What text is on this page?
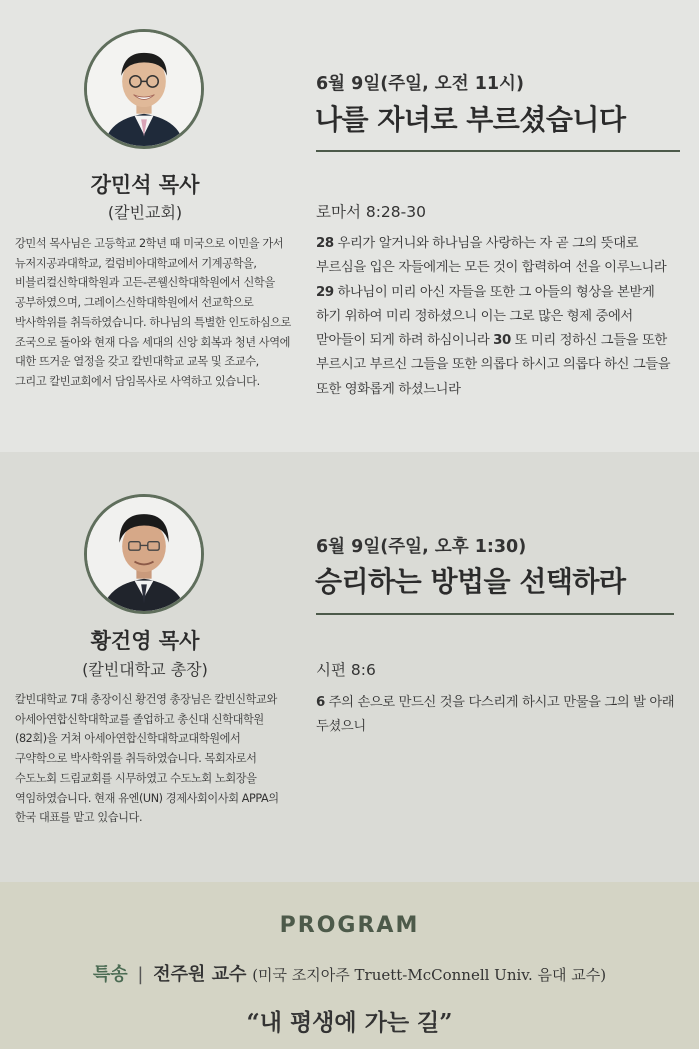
강민석 목사
(칼빈교회)
강민석 목사님은 고등학교 2학년 때 미국으로 이민을 가서 뉴저지공과대학교, 컬럼비아대학교에서 기계공학을, 비블리컬신학대학원과 고든-콘웰신학대학원에서 신학을 공부하였으며, 그레이스신학대학원에서 선교학으로 박사학위를 취득하였습니다. 하나님의 특별한 인도하심으로 조국으로 돌아와 현재 다음 세대의 신앙 회복과 청년 사역에 대한 뜨거운 열정을 갖고 칼빈대학교 교목 및 조교수, 그리고 칼빈교회에서 담임목사로 사역하고 있습니다.
6월 9일(주일, 오전 11시)
나를 자녀로 부르셨습니다
로마서 8:28-30
28 우리가 알거니와 하나님을 사랑하는 자 곧 그의 뜻대로 부르심을 입은 자들에게는 모든 것이 합력하여 선을 이루느니라 29 하나님이 미리 아신 자들을 또한 그 아들의 형상을 본받게 하기 위하여 미리 정하셨으니 이는 그로 많은 형제 중에서 맏아들이 되게 하려 하심이니라 30 또 미리 정하신 그들을 또한 부르시고 부르신 그들을 또한 의롭다 하시고 의롭다 하신 그들을 또한 영화롭게 하셨느니라
황건영 목사
(칼빈대학교 총장)
칼빈대학교 7대 총장이신 황건영 총장님은 칼빈신학교와 아세아연합신학대학교를 졸업하고 총신대 신학대학원(82회)을 거쳐 아세아연합신학대학교대학원에서 구약학으로 박사학위를 취득하였습니다. 목회자로서 수도노회 드림교회를 시무하였고 수도노회 노회장을 역임하였습니다. 현재 유엔(UN) 경제사회이사회 APPA의 한국 대표를 맡고 있습니다.
6월 9일(주일, 오후 1:30)
승리하는 방법을 선택하라
시편 8:6
6 주의 손으로 만드신 것을 다스리게 하시고 만물을 그의 발 아래 두셨으니
PROGRAM
특송 | 전주원 교수 (미국 조지아주 Truett-McConnell Univ. 음대 교수)
“내 평생에 가는 길”
